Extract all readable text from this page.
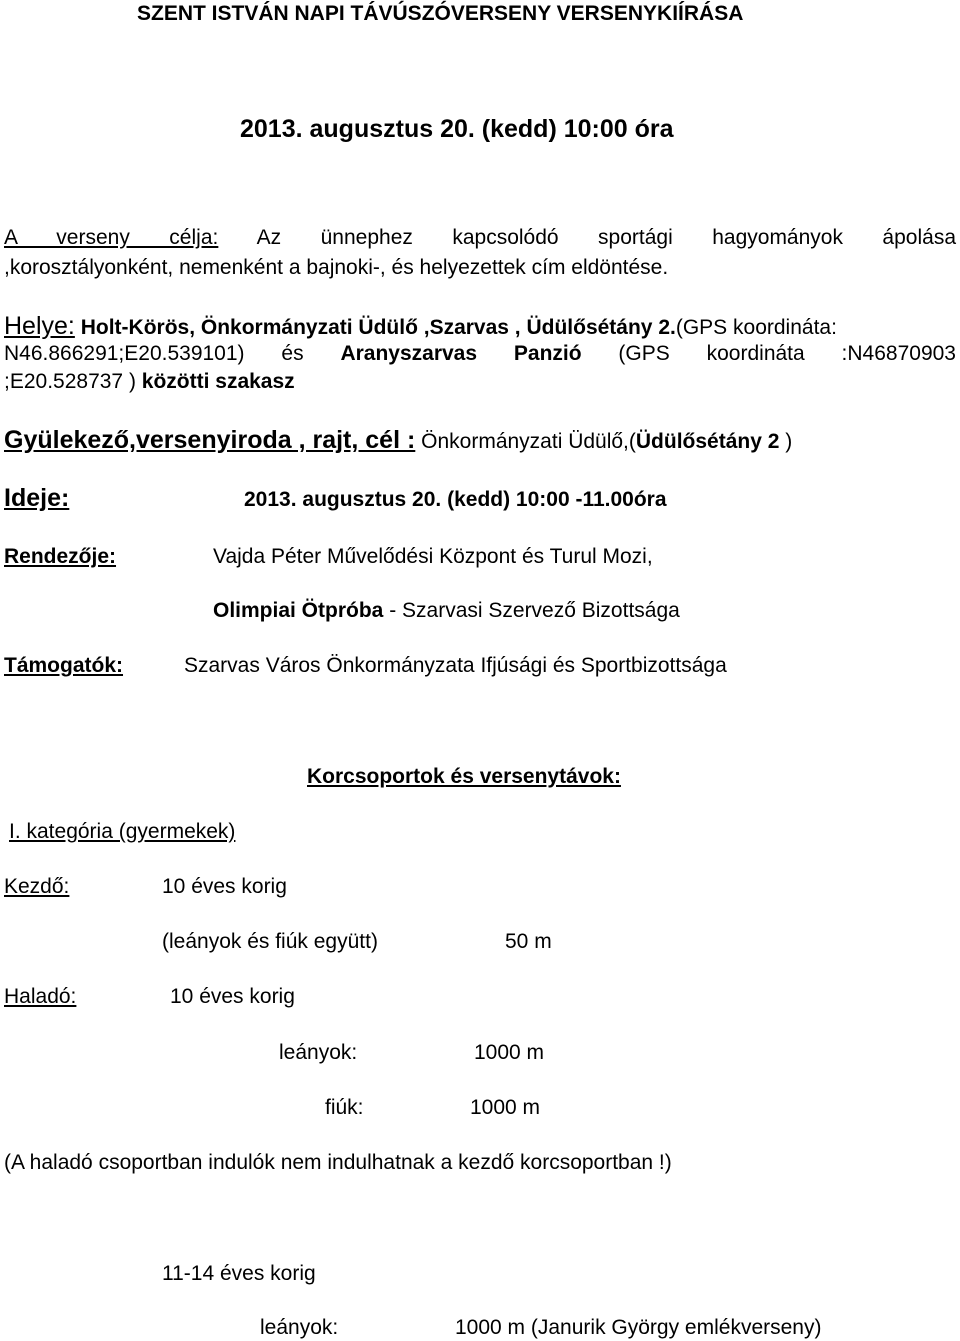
SZENT ISTVÁN NAPI TÁVÚSZÓVERSENY VERSENYKIÍRÁSA
2013. augusztus 20. (kedd) 10:00 óra
A verseny célja: Az ünnephez kapcsolódó sportági hagyományok ápolása
,korosztályonként, nemenként a bajnoki-, és helyezettek cím eldöntése.
Helye: Holt-Körös, Önkormányzati Üdülő ,Szarvas , Üdülősétány 2.(GPS koordináta:
N46.866291;E20.539101) és Aranyszarvas Panzió (GPS koordináta :N46870903
;E20.528737 ) közötti szakasz
Gyülekező,versenyiroda , rajt, cél : Önkormányzati Üdülő,(Üdülősétány 2 )
Ideje:	2013. augusztus 20. (kedd) 10:00 -11.00óra
Rendezője:	Vajda Péter Művelődési Központ és Turul Mozi,
Olimpiai Ötpróba - Szarvasi Szervező Bizottsága
Támogatók:	Szarvas Város Önkormányzata Ifjúsági és Sportbizottsága
Korcsoportok és versenytávok:
I. kategória (gyermekek)
Kezdő:	10 éves korig
(leányok és fiúk együtt)	50 m
Haladó:	10 éves korig
leányok:	1000 m
fiúk:	1000 m
(A haladó csoportban indulók nem indulhatnak a kezdő korcsoportban !)
11-14 éves korig
leányok:	1000 m (Janurik György emlékverseny)
